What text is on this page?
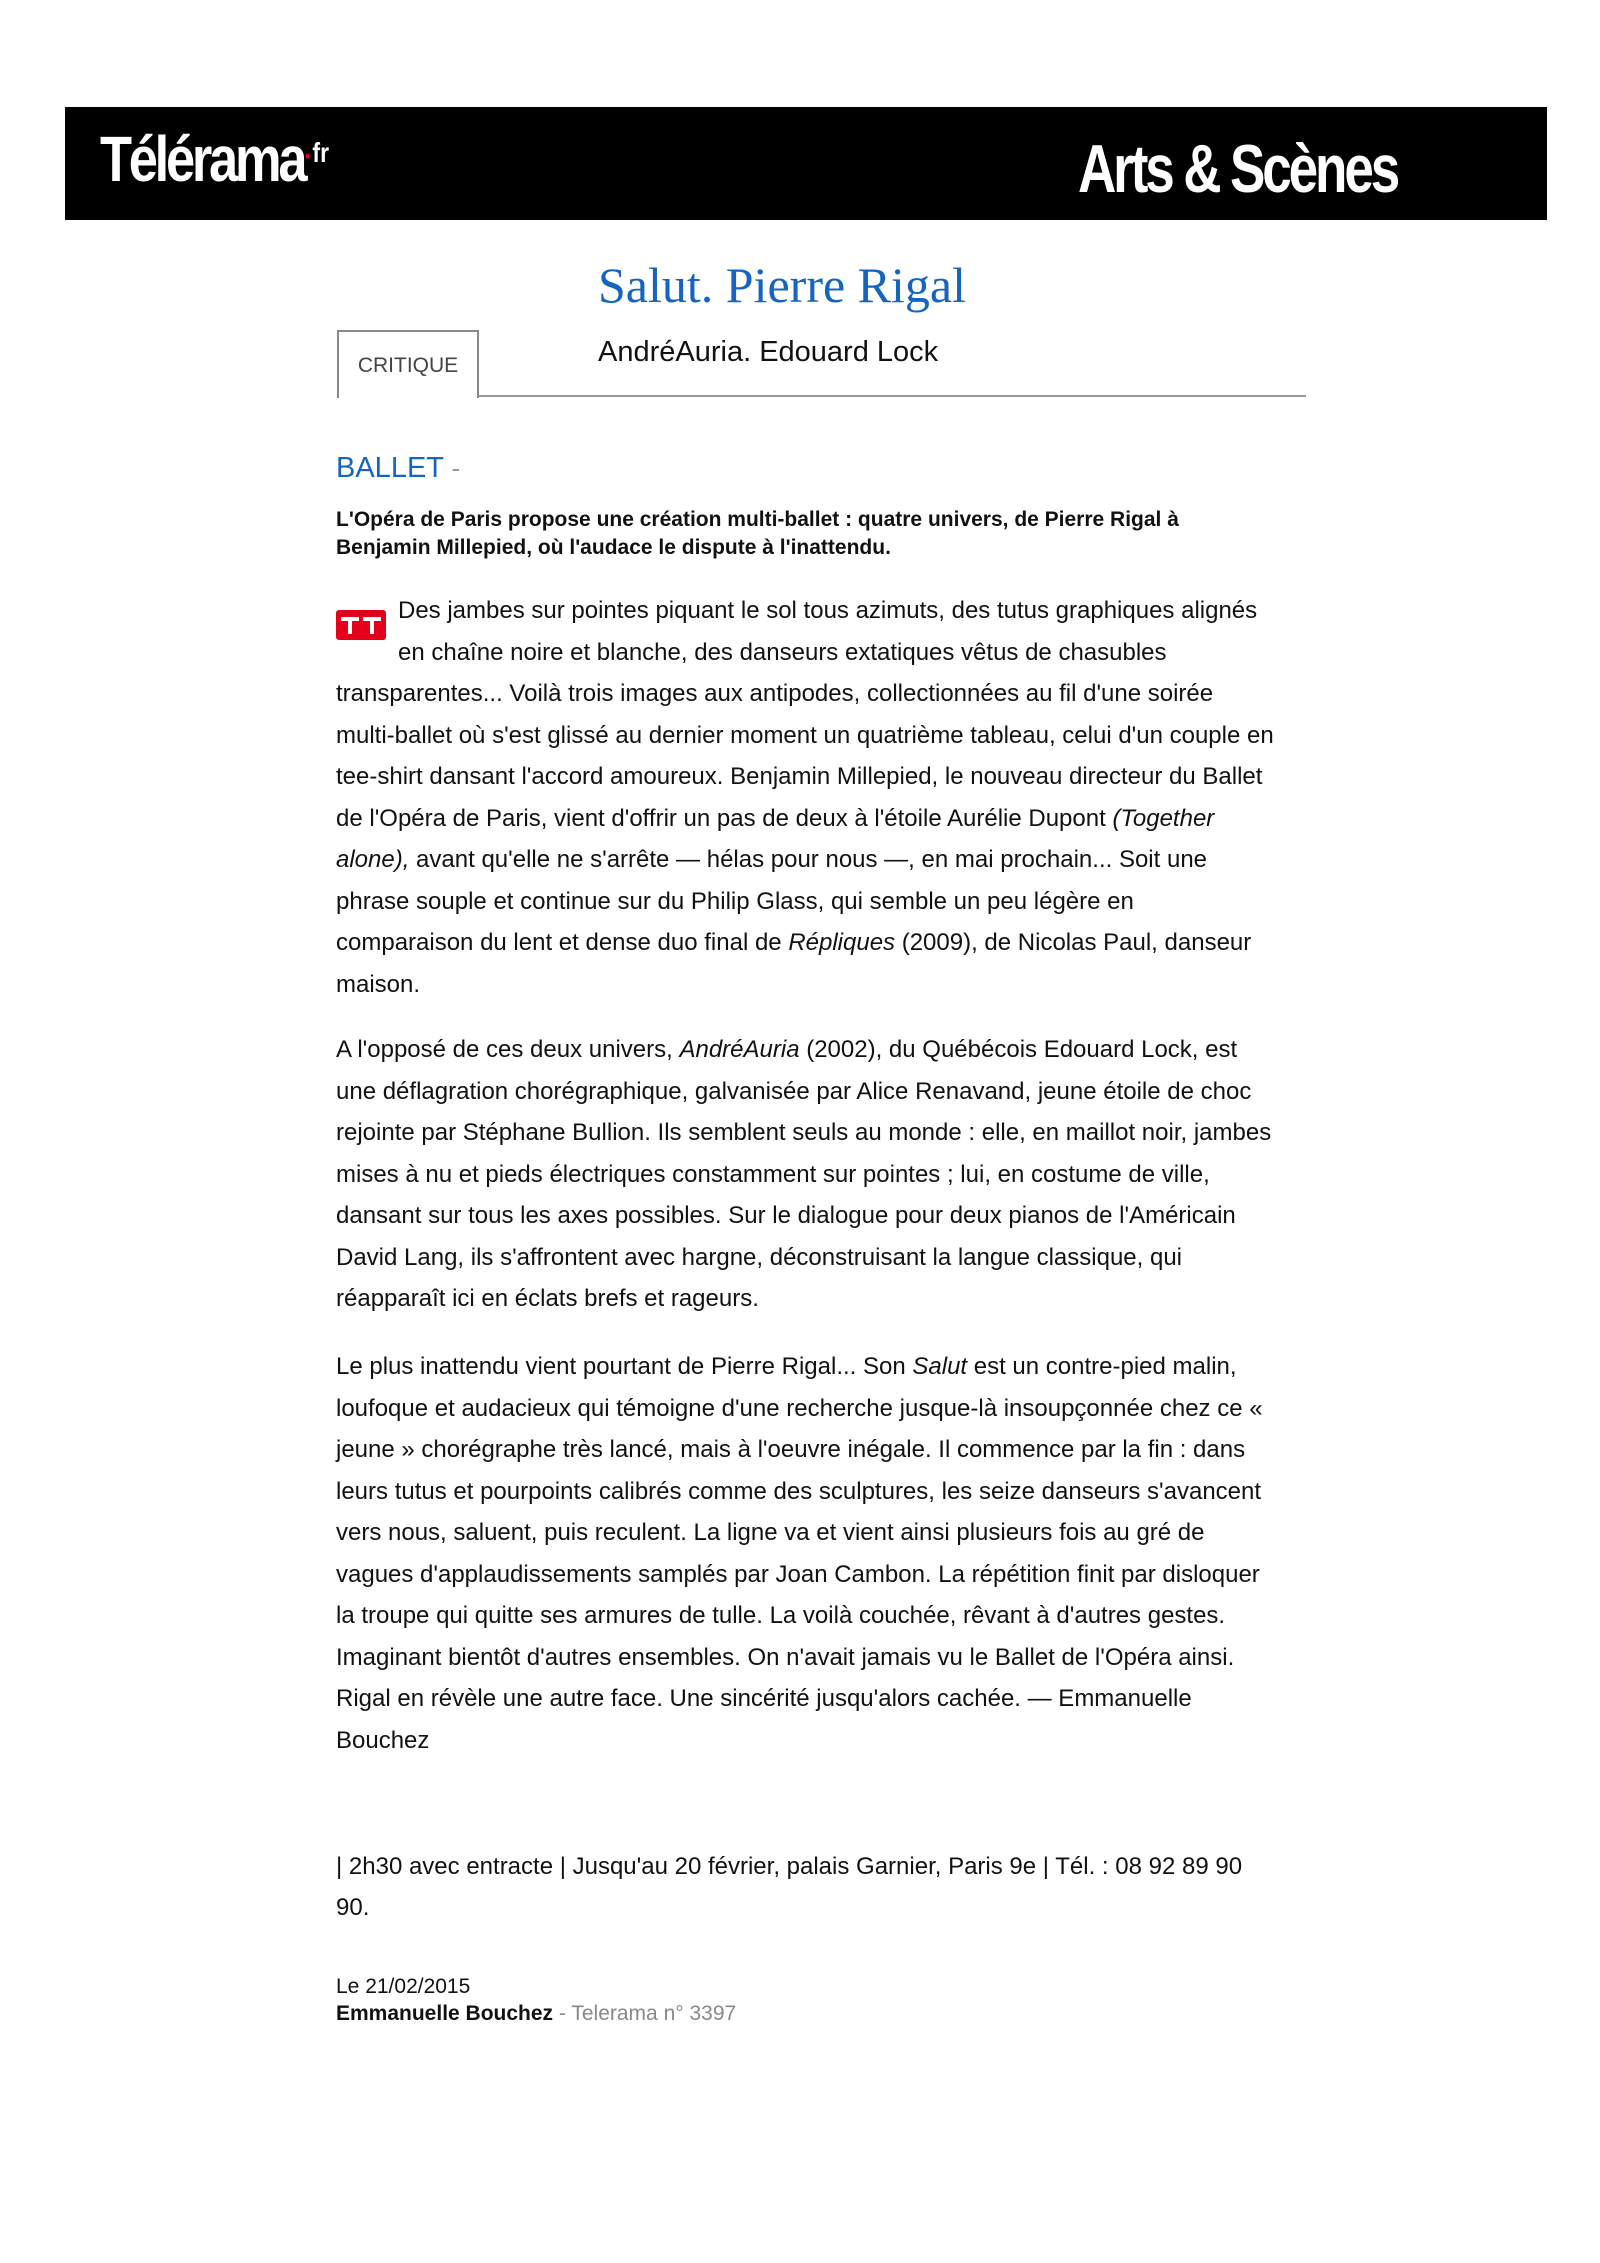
Télérama$^{\cdot fr}$	Arts & Scènes
Salut. Pierre Rigal
AndréAuria. Edouard Lock
CRITIQUE
BALLET -
L'Opéra de Paris propose une création multi-ballet : quatre univers, de Pierre Rigal à Benjamin Millepied, où l'audace le dispute à l'inattendu.
Des jambes sur pointes piquant le sol tous azimuts, des tutus graphiques alignés en chaîne noire et blanche, des danseurs extatiques vêtus de chasubles transparentes... Voilà trois images aux antipodes, collectionnées au fil d'une soirée multi-ballet où s'est glissé au dernier moment un quatrième tableau, celui d'un couple en tee-shirt dansant l'accord amoureux. Benjamin Millepied, le nouveau directeur du Ballet de l'Opéra de Paris, vient d'offrir un pas de deux à l'étoile Aurélie Dupont (Together alone), avant qu'elle ne s'arrête — hélas pour nous —, en mai prochain... Soit une phrase souple et continue sur du Philip Glass, qui semble un peu légère en comparaison du lent et dense duo final de Répliques (2009), de Nicolas Paul, danseur maison.
A l'opposé de ces deux univers, AndréAuria (2002), du Québécois Edouard Lock, est une déflagration chorégraphique, galvanisée par Alice Renavand, jeune étoile de choc rejointe par Stéphane Bullion. Ils semblent seuls au monde : elle, en maillot noir, jambes mises à nu et pieds électriques constamment sur pointes ; lui, en costume de ville, dansant sur tous les axes possibles. Sur le dialogue pour deux pianos de l'Américain David Lang, ils s'affrontent avec hargne, déconstruisant la langue classique, qui réapparaît ici en éclats brefs et rageurs.
Le plus inattendu vient pourtant de Pierre Rigal... Son Salut est un contre-pied malin, loufoque et audacieux qui témoigne d'une recherche jusque-là insoupçonnée chez ce « jeune » chorégraphe très lancé, mais à l'oeuvre inégale. Il commence par la fin : dans leurs tutus et pourpoints calibrés comme des sculptures, les seize danseurs s'avancent vers nous, saluent, puis reculent. La ligne va et vient ainsi plusieurs fois au gré de vagues d'applaudissements samplés par Joan Cambon. La répétition finit par disloquer la troupe qui quitte ses armures de tulle. La voilà couchée, rêvant à d'autres gestes. Imaginant bientôt d'autres ensembles. On n'avait jamais vu le Ballet de l'Opéra ainsi. Rigal en révèle une autre face. Une sincérité jusqu'alors cachée. — Emmanuelle Bouchez
| 2h30 avec entracte | Jusqu'au 20 février, palais Garnier, Paris 9e | Tél. : 08 92 89 90 90.
Le 21/02/2015
Emmanuelle Bouchez - Telerama n° 3397
